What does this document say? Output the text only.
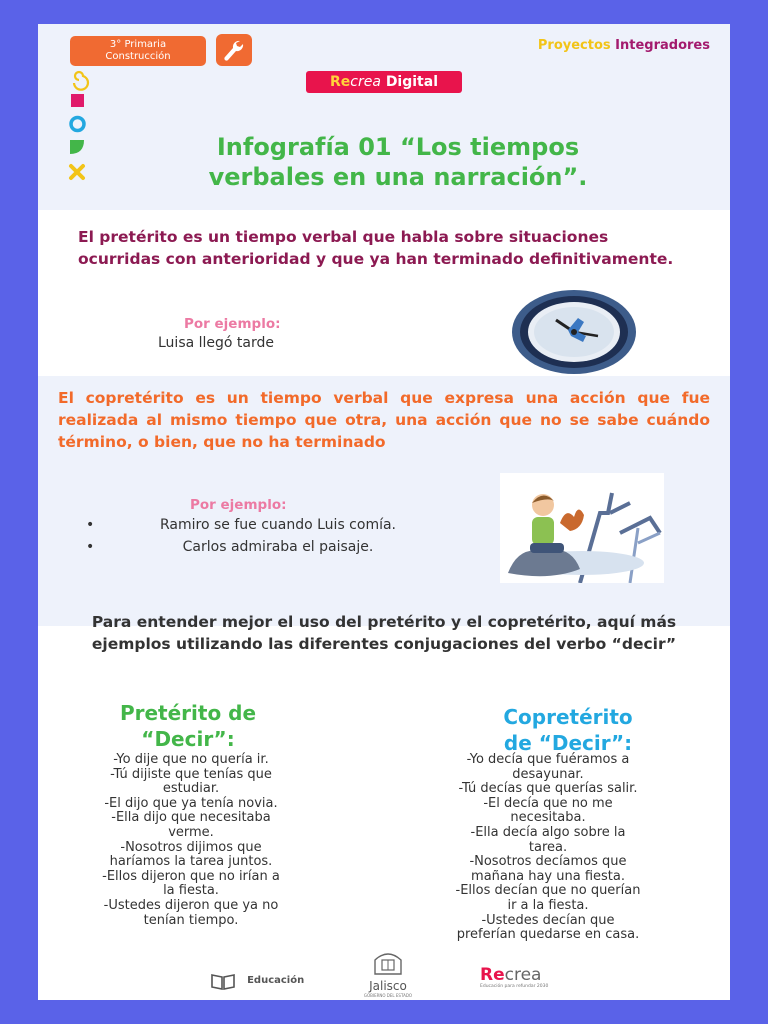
3° Primaria
Construcción
Proyectos Integradores
Recrea Digital
Infografía 01 “Los tiempos
verbales en una narración”.
El pretérito es un tiempo verbal que habla sobre situaciones ocurridas con anterioridad y que ya han terminado definitivamente.
Por ejemplo:
Luisa llegó tarde
El copretérito es un tiempo verbal que expresa una acción que fue realizada al mismo tiempo que otra, una acción que no se sabe cuándo término, o bien, que no ha terminado
Por ejemplo:
• Ramiro se fue cuando Luis comía.
• Carlos admiraba el paisaje.
Para entender mejor el uso del pretérito y el copretérito, aquí más ejemplos utilizando las diferentes conjugaciones del verbo “decir”
Pretérito de
“Decir”:
-Yo dije que no quería ir.
-Tú dijiste que tenías que
estudiar.
-El dijo que ya tenía novia.
-Ella dijo que necesitaba
verme.
-Nosotros dijimos que
haríamos la tarea juntos.
-Ellos dijeron que no irían a
la fiesta.
-Ustedes dijeron que ya no
tenían tiempo.
Copretérito
de “Decir”:
-Yo decía que fuéramos a
desayunar.
-Tú decías que querías salir.
-El decía que no me
necesitaba.
-Ella decía algo sobre la
tarea.
-Nosotros decíamos que
mañana hay una fiesta.
-Ellos decían que no querían
ir a la fiesta.
-Ustedes decían que
preferían quedarse en casa.
Educación	Jalisco
GOBIERNO DEL ESTADO
Recrea
Educación para refundar 2030
